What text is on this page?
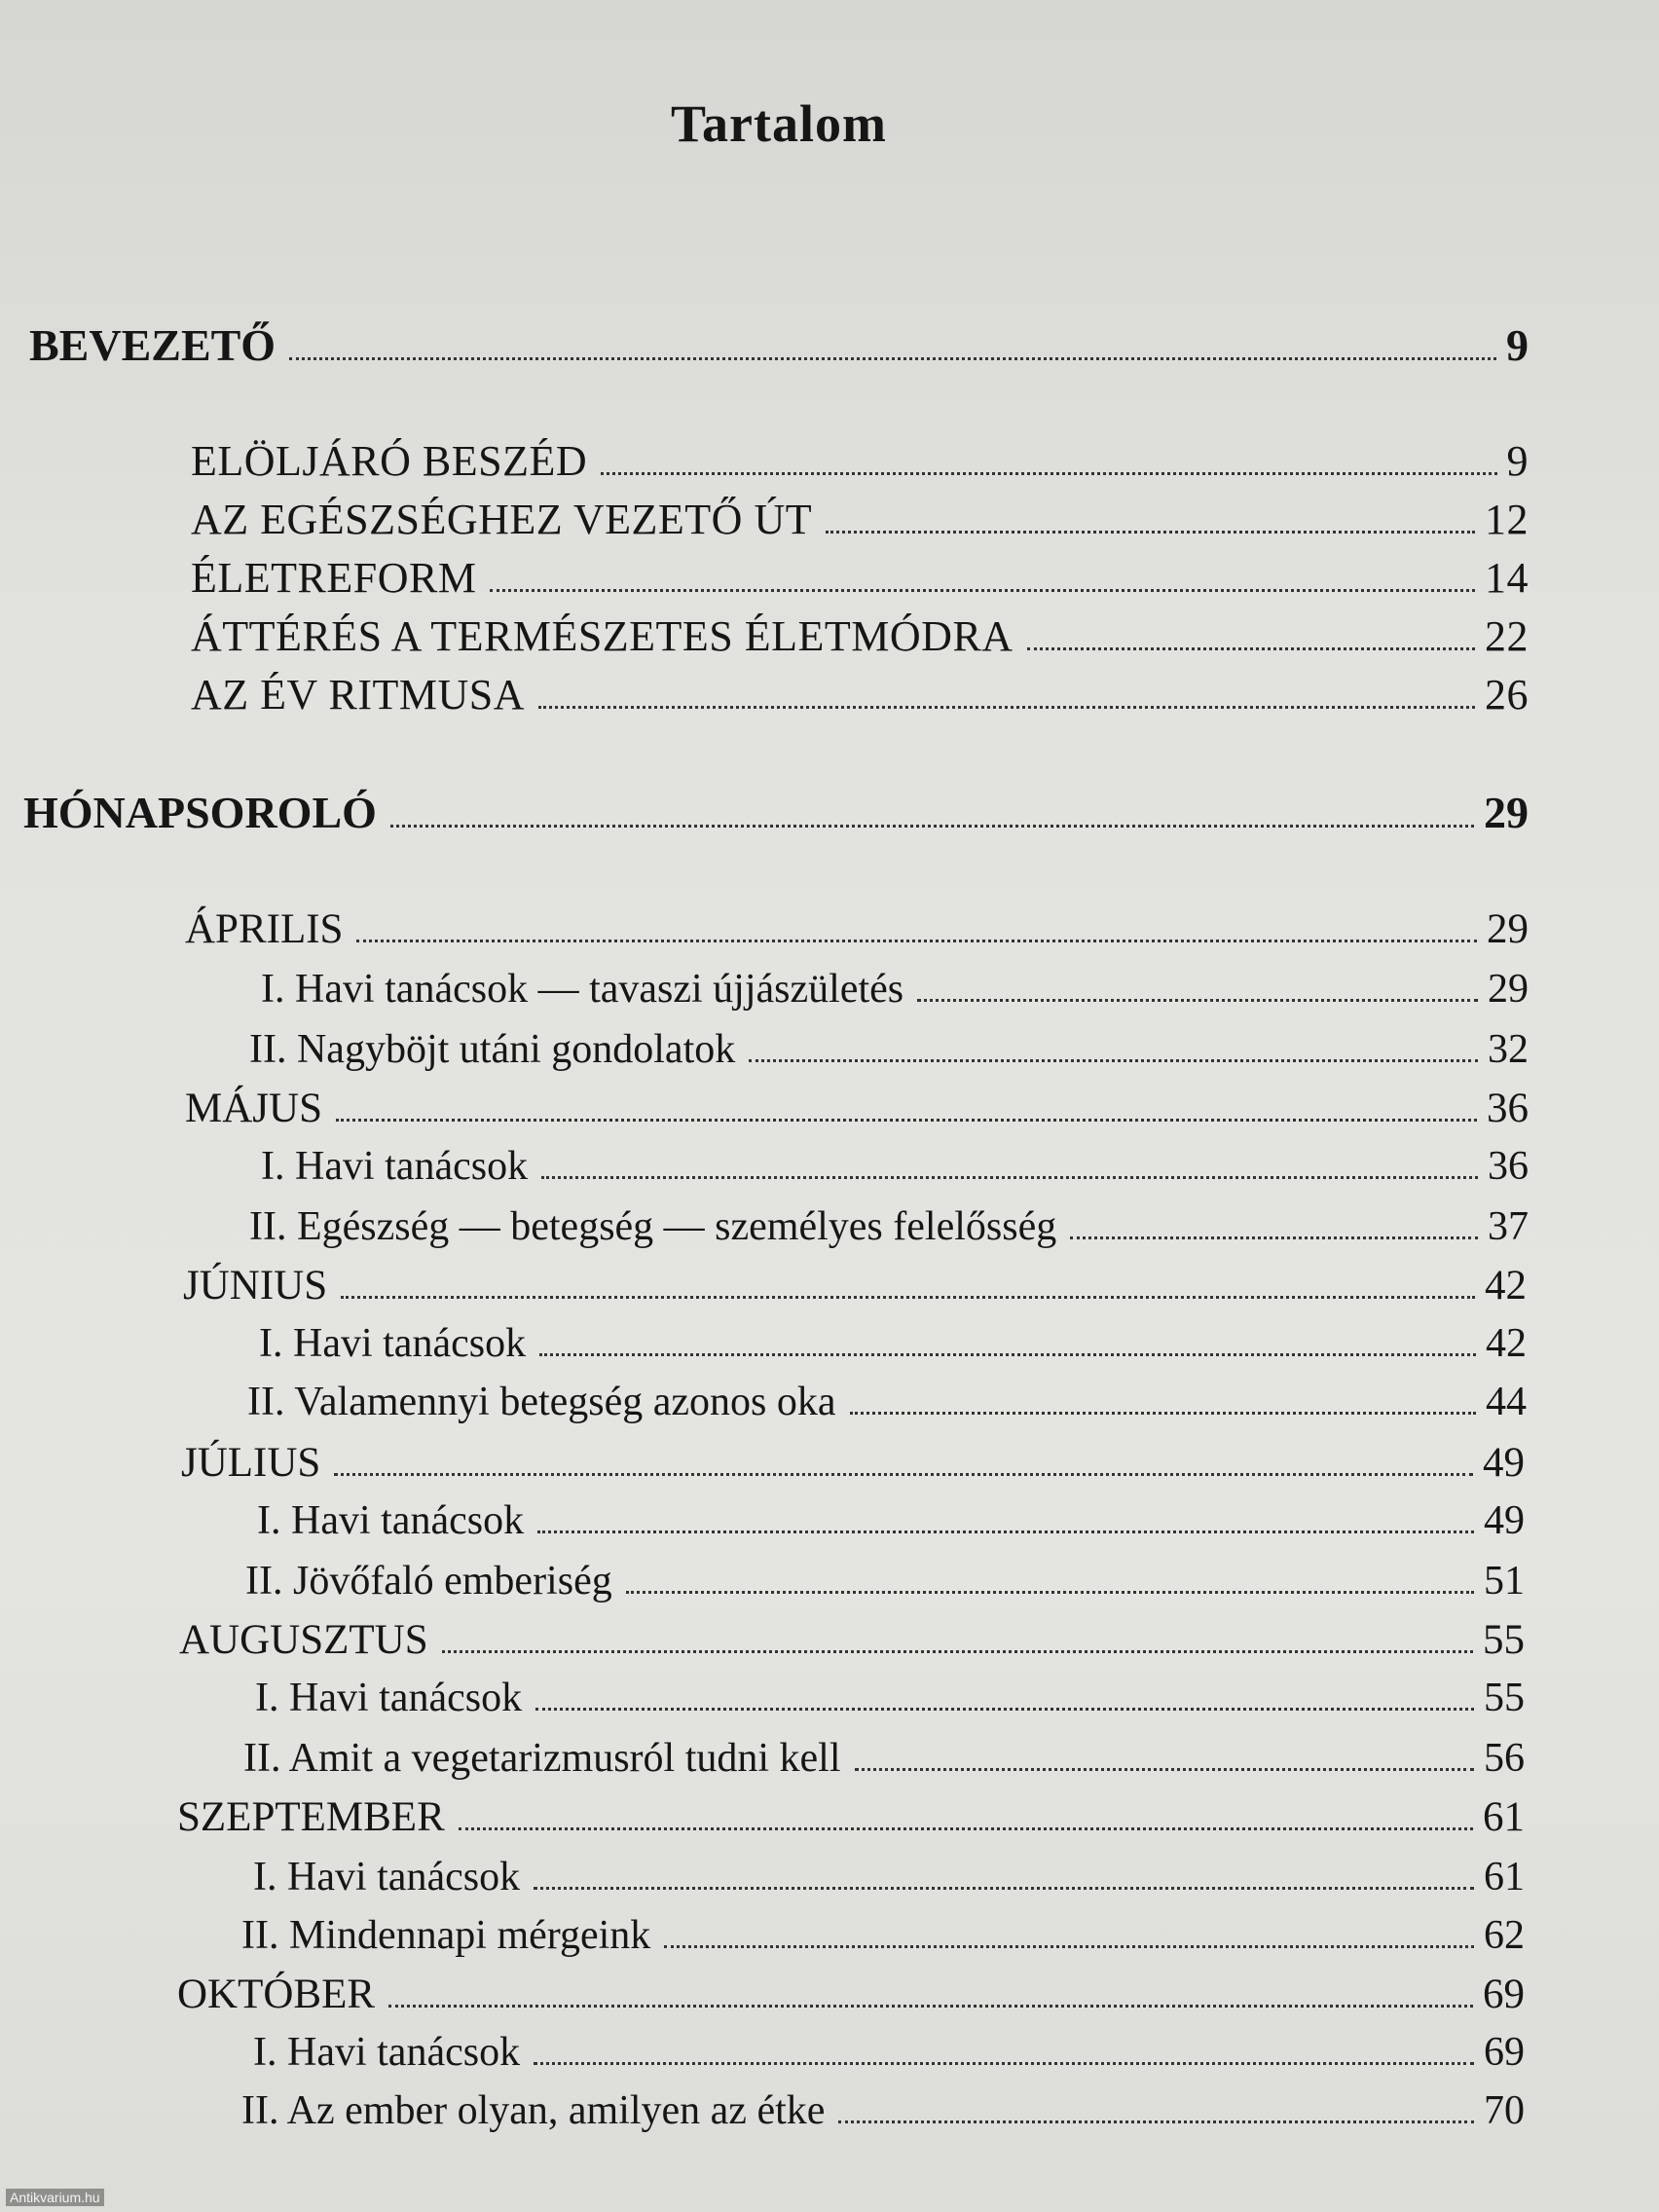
Tartalom
BEVEZETŐ	9
ELÖLJÁRÓ BESZÉD	9
AZ EGÉSZSÉGHEZ VEZETŐ ÚT	12
ÉLETREFORM	14
ÁTTÉRÉS A TERMÉSZETES ÉLETMÓDRA	22
AZ ÉV RITMUSA	26
HÓNAPSOROLÓ	29
ÁPRILIS	29
I. Havi tanácsok — tavaszi újjászületés	29
II. Nagyböjt utáni gondolatok	32
MÁJUS	36
I. Havi tanácsok	36
II. Egészség — betegség — személyes felelősség	37
JÚNIUS	42
I. Havi tanácsok	42
II. Valamennyi betegség azonos oka	44
JÚLIUS	49
I. Havi tanácsok	49
II. Jövőfaló emberiség	51
AUGUSZTUS	55
I. Havi tanácsok	55
II. Amit a vegetarizmusról tudni kell	56
SZEPTEMBER	61
I. Havi tanácsok	61
II. Mindennapi mérgeink	62
OKTÓBER	69
I. Havi tanácsok	69
II. Az ember olyan, amilyen az étke	70
Antikvarium.hu
